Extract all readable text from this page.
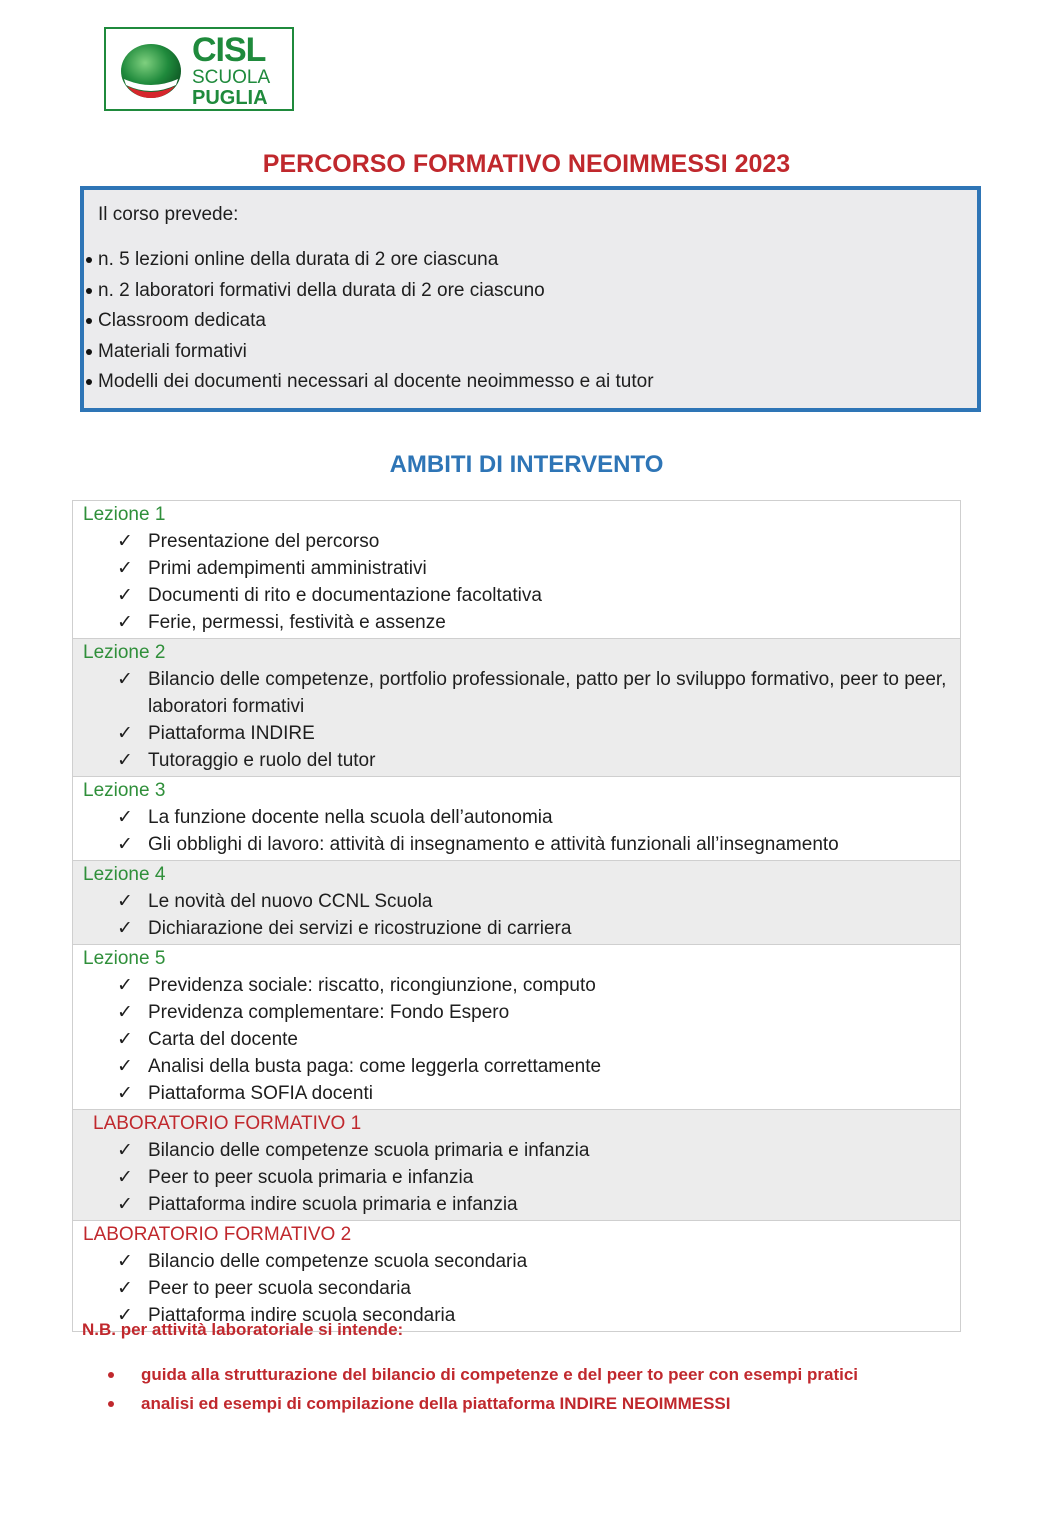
CISL
SCUOLA
PUGLIA
PERCORSO FORMATIVO NEOIMMESSI 2023

Il corso prevede:

n. 5 lezioni online della durata di 2 ore ciascuna
n. 2 laboratori formativi della durata di 2 ore ciascuno
Classroom dedicata
Materiali formativi
Modelli dei documenti necessari al docente neoimmesso e ai tutor
AMBITI DI INTERVENTO
Lezione 1
✓ Presentazione del percorso
✓ Primi adempimenti amministrativi
✓ Documenti di rito e documentazione facoltativa
✓ Ferie, permessi, festività e assenze
Lezione 2
✓ Bilancio delle competenze, portfolio professionale, patto per lo sviluppo formativo, peer to peer, laboratori formativi
✓ Piattaforma INDIRE
✓ Tutoraggio e ruolo del tutor
Lezione 3
✓ La funzione docente nella scuola dell’autonomia
✓ Gli obblighi di lavoro: attività di insegnamento e attività funzionali all’insegnamento
Lezione 4
✓ Le novità del nuovo CCNL Scuola
✓ Dichiarazione dei servizi e ricostruzione di carriera
Lezione 5
✓ Previdenza sociale: riscatto, ricongiunzione, computo
✓ Previdenza complementare: Fondo Espero
✓ Carta del docente
✓ Analisi della busta paga: come leggerla correttamente
✓ Piattaforma SOFIA docenti
LABORATORIO FORMATIVO 1
✓ Bilancio delle competenze scuola primaria e infanzia
✓ Peer to peer scuola primaria e infanzia
✓ Piattaforma indire scuola primaria e infanzia
LABORATORIO FORMATIVO 2
✓ Bilancio delle competenze scuola secondaria
✓ Peer to peer scuola secondaria
✓ Piattaforma indire scuola secondaria

N.B. per attività laboratoriale si intende:

guida alla strutturazione del bilancio di competenze e del peer to peer con esempi pratici
analisi ed esempi di compilazione della piattaforma INDIRE NEOIMMESSI
